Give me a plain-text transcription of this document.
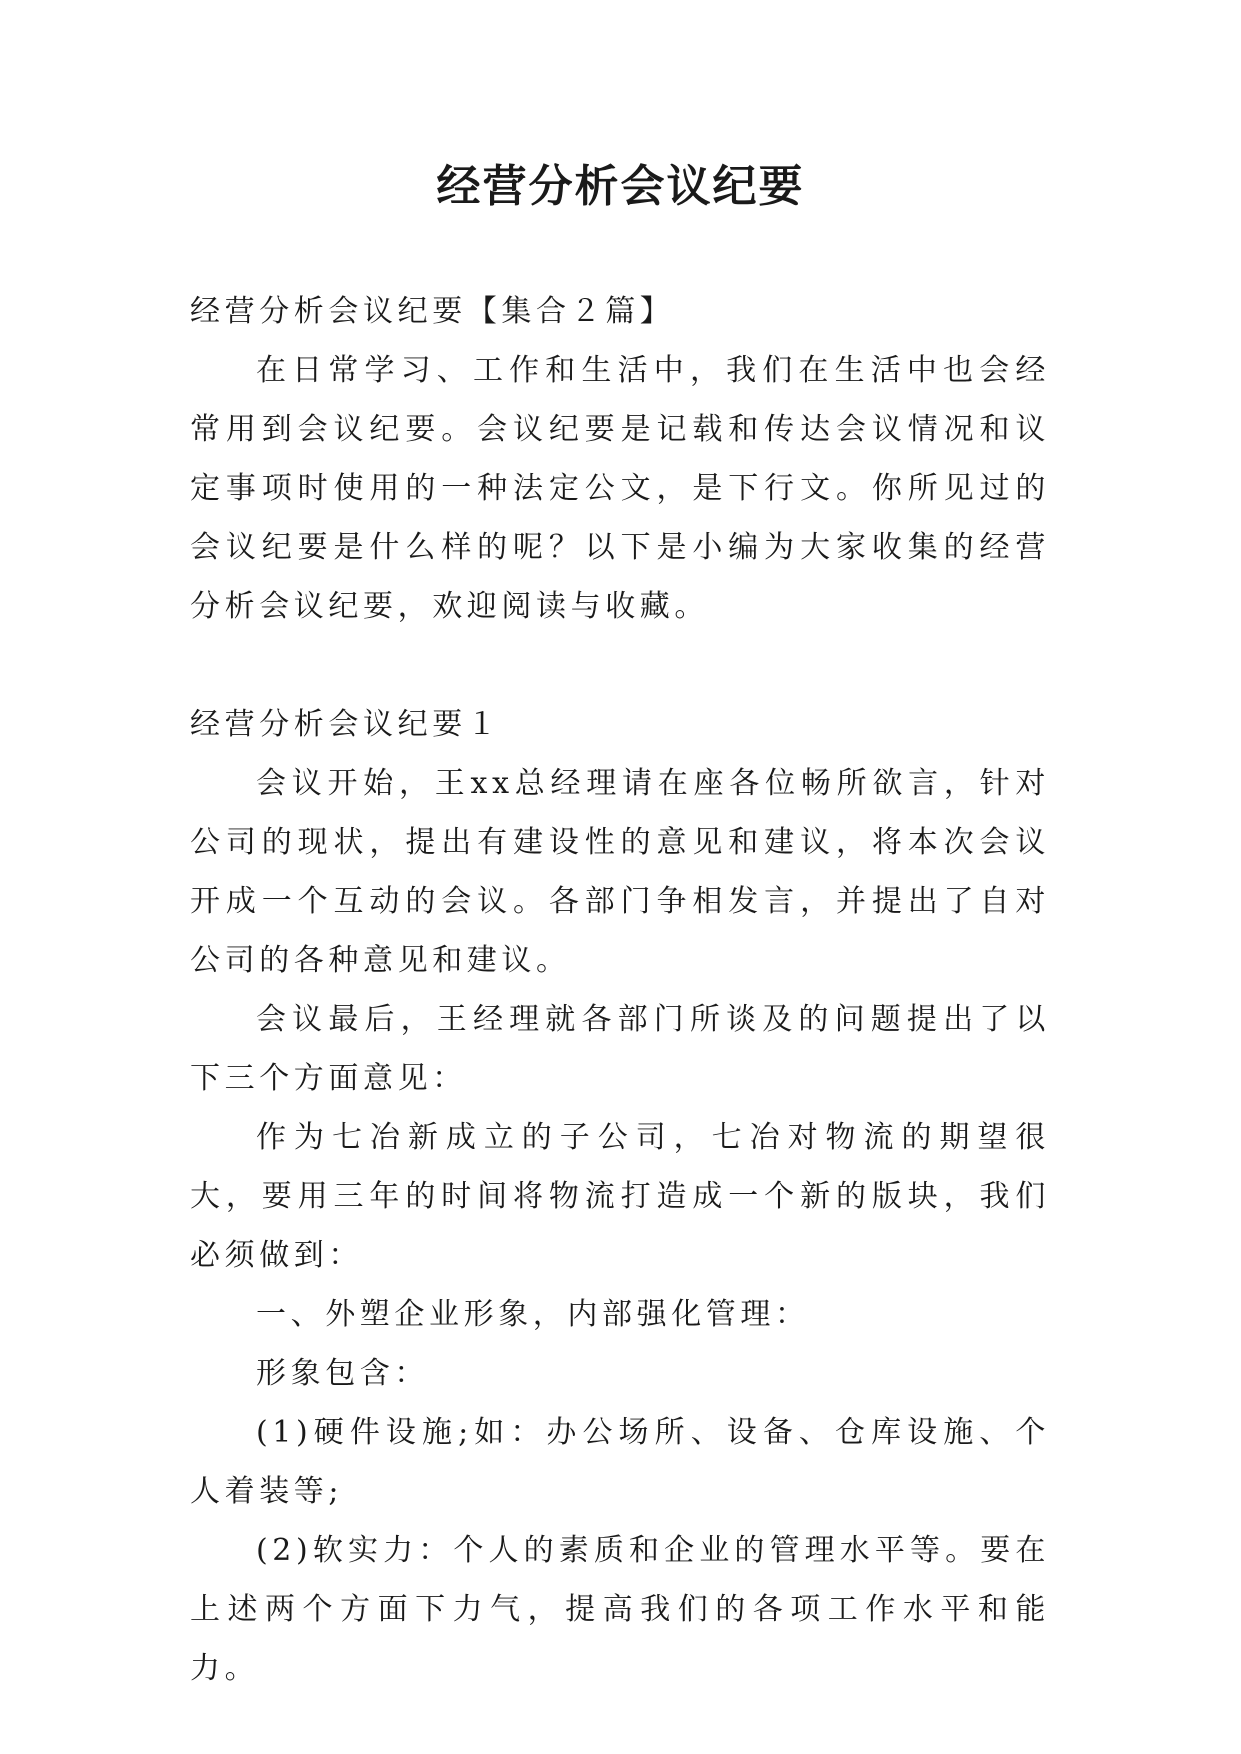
经营分析会议纪要

经营分析会议纪要【集合２篇】

在日常学习、工作和生活中，我们在生活中也会经常用到会议纪要。会议纪要是记载和传达会议情况和议定事项时使用的一种法定公文，是下行文。你所见过的会议纪要是什么样的呢？以下是小编为大家收集的经营分析会议纪要，欢迎阅读与收藏。

经营分析会议纪要１

会议开始，王xx总经理请在座各位畅所欲言，针对公司的现状，提出有建设性的意见和建议，将本次会议开成一个互动的会议。各部门争相发言，并提出了自对公司的各种意见和建议。

会议最后，王经理就各部门所谈及的问题提出了以下三个方面意见：

作为七冶新成立的子公司，七冶对物流的期望很大，要用三年的时间将物流打造成一个新的版块，我们必须做到：

一、外塑企业形象，内部强化管理：

形象包含：

(1)硬件设施;如：办公场所、设备、仓库设施、个人着装等;

(2)软实力：个人的素质和企业的管理水平等。要在上述两个方面下力气，提高我们的各项工作水平和能力。
